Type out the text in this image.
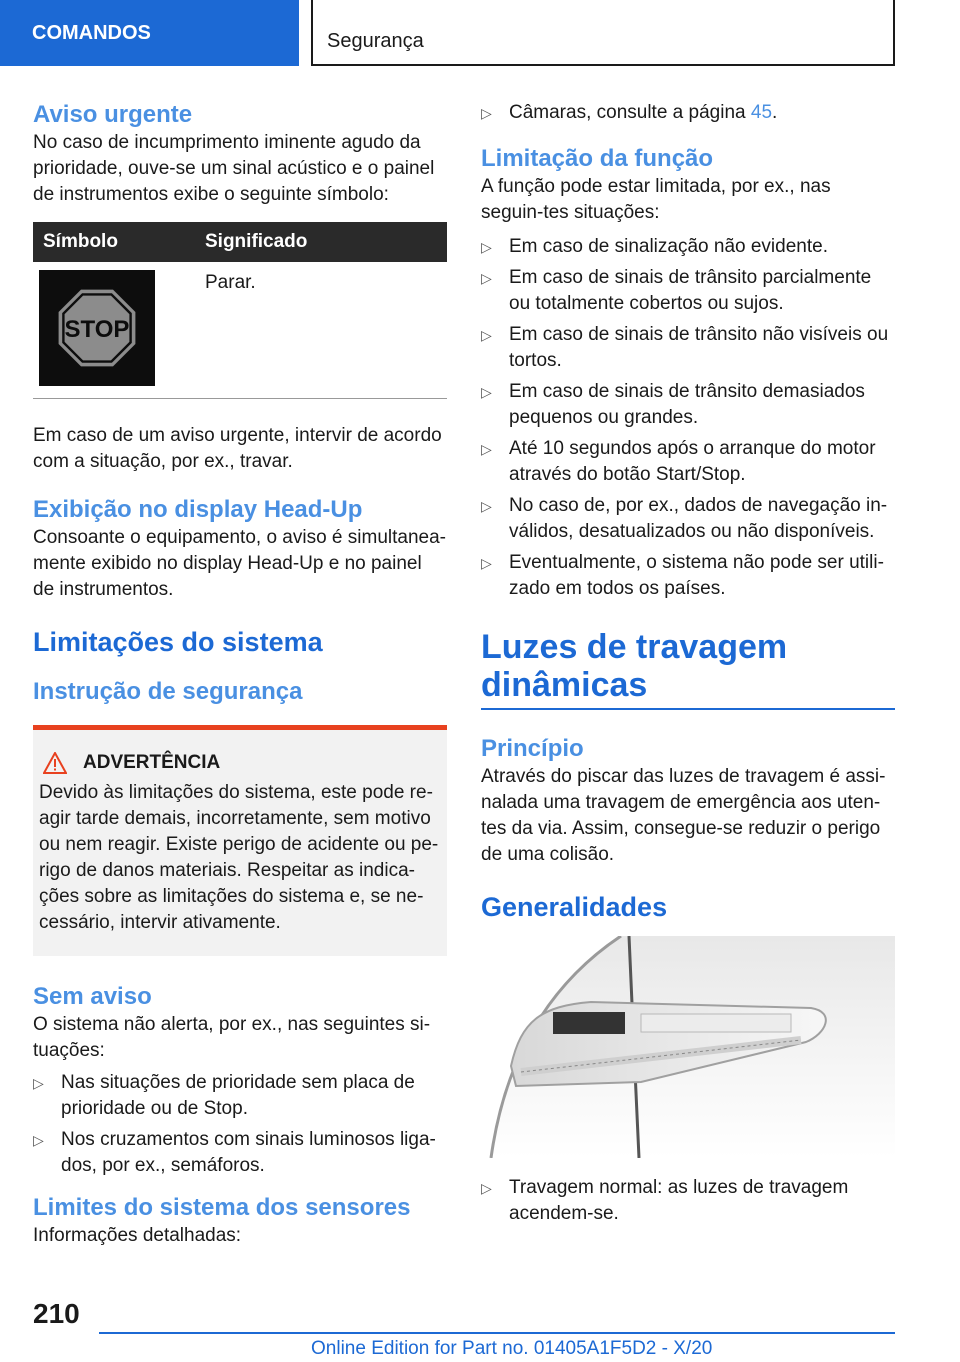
COMANDOS	Segurança
Aviso urgente

No caso de incumprimento iminente agudo da prioridade, ouve-se um sinal acústico e o painel de instrumentos exibe o seguinte símbolo:

Símbolo	Significado
STOP
Parar.

Em caso de um aviso urgente, intervir de acordo com a situação, por ex., travar.

Exibição no display Head-Up

Consoante o equipamento, o aviso é simultanea-mente exibido no display Head-Up e no painel de instrumentos.

Limitações do sistema
Instrução de segurança
ADVERTÊNCIA

Devido às limitações do sistema, este pode re-agir tarde demais, incorretamente, sem motivo ou nem reagir. Existe perigo de acidente ou pe-rigo de danos materiais. Respeitar as indica-ções sobre as limitações do sistema e, se ne-cessário, intervir ativamente.

Sem aviso

O sistema não alerta, por ex., nas seguintes si-tuações:

▷ Nas situações de prioridade sem placa de prioridade ou de Stop.
▷ Nos cruzamentos com sinais luminosos liga-dos, por ex., semáforos.
Limites do sistema dos sensores

Informações detalhadas:

▷ Câmaras, consulte a página 45.
Limitação da função

A função pode estar limitada, por ex., nas seguin-tes situações:

▷ Em caso de sinalização não evidente.
▷ Em caso de sinais de trânsito parcialmente ou totalmente cobertos ou sujos.
▷ Em caso de sinais de trânsito não visíveis ou tortos.
▷ Em caso de sinais de trânsito demasiados pequenos ou grandes.
▷ Até 10 segundos após o arranque do motor através do botão Start/Stop.
▷ No caso de, por ex., dados de navegação in-válidos, desatualizados ou não disponíveis.
▷ Eventualmente, o sistema não pode ser utili-zado em todos os países.
Luzes de travagem dinâmicas
Princípio

Através do piscar das luzes de travagem é assi-nalada uma travagem de emergência aos uten-tes da via. Assim, consegue-se reduzir o perigo de uma colisão.

Generalidades
▷ Travagem normal: as luzes de travagem acendem-se.
210
Online Edition for Part no. 01405A1F5D2 - X/20
